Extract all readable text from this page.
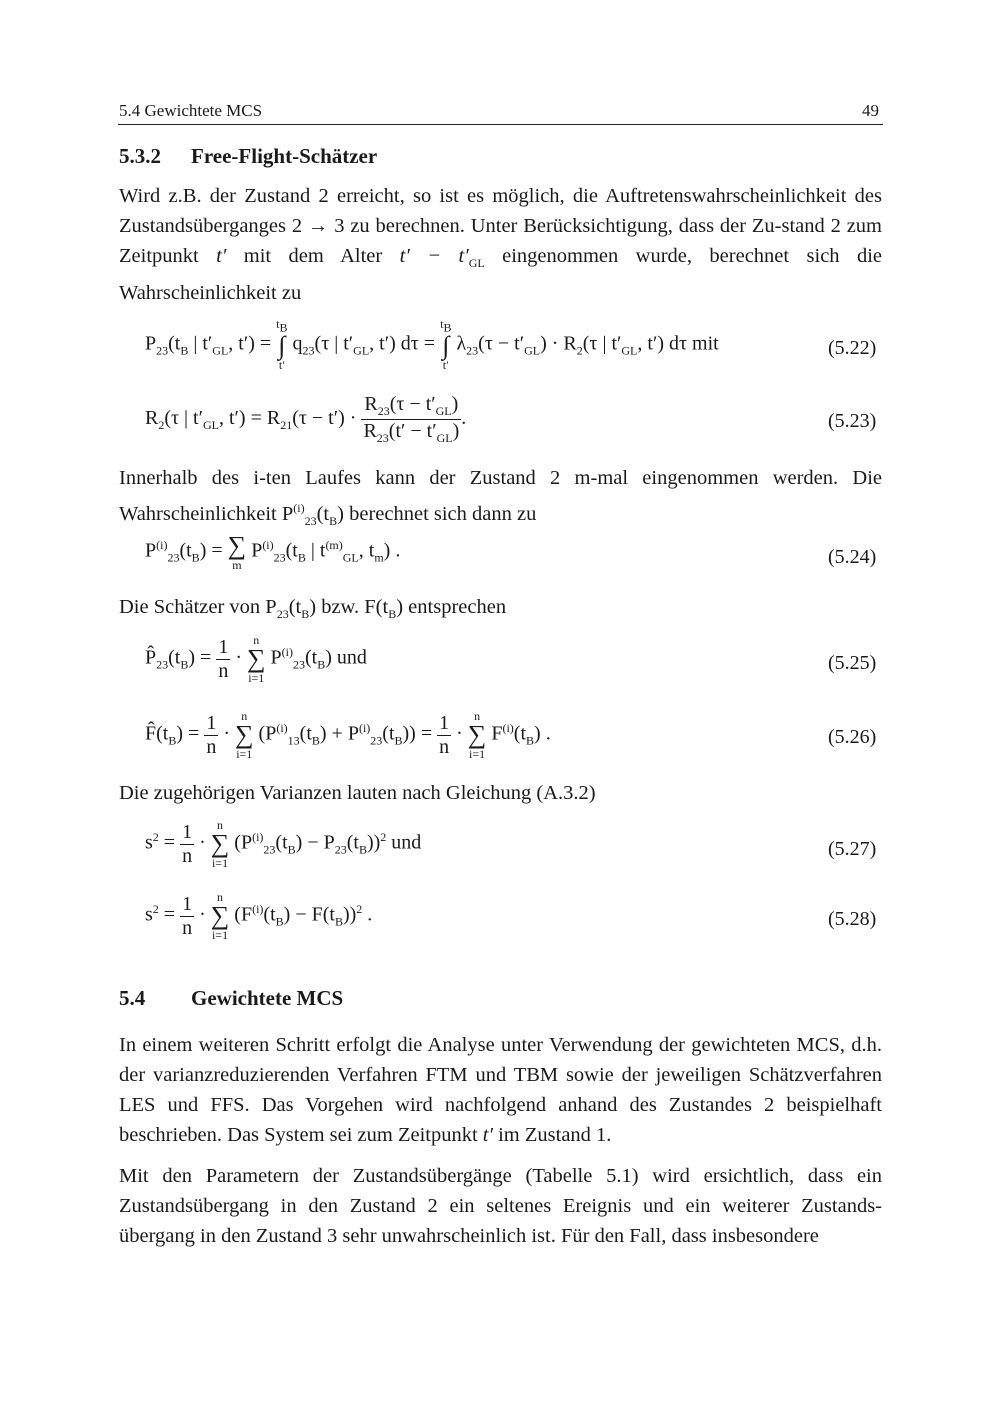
5.4 Gewichtete MCS	49
5.3.2 Free-Flight-Schätzer
Wird z.B. der Zustand 2 erreicht, so ist es möglich, die Auftretenswahrscheinlichkeit des Zustandsüberganges 2 → 3 zu berechnen. Unter Berücksichtigung, dass der Zu-stand 2 zum Zeitpunkt t′ mit dem Alter $t' - t'_{GL}$ eingenommen wurde, berechnet sich die Wahrscheinlichkeit zu
$P_{23}(t_B$ | $t'_{GL}$, t′) =
$t_B$
∫
t′
$q_{23}(\tau$ | $t'_{GL}$, t′) dτ =
$t_B$
∫
t′
$\lambda_{23}(\tau - t'_{GL}) \cdot R_2(\tau$ | $t'_{GL}$, t′) dτ mit	(5.22)
$R_2(\tau$ | $t'_{GL}$, $t') = R_{21}(\tau - t') \cdot \frac{R_{23}(\tau - t'_{GL})}{R_{23}(t' - t'_{GL})}$ .	(5.23)
Innerhalb des i-ten Laufes kann der Zustand 2 m-mal eingenommen werden. Die Wahrscheinlichkeit $P^{(i)}_{23}(t_B)$ berechnet sich dann zu
$P^{(i)}_{23}(t_B)$ = ∑
m
$P^{(i)}_{23}(t_B$ | $t^{(m)}_{GL}$, $t_m$) .	(5.24)
Die Schätzer von $P_{23}(t_B)$ bzw. $F(t_B)$ entsprechen
$P̂_{23}(t_B) = \frac{1}{n}$ ·
n
∑
i=1
$P^{(i)}_{23}(t_B)$ und	(5.25)
$F̂(t_B) = \frac{1}{n}$ ·
n
∑
i=1
$(P^{(i)}_{13}(t_B) + P^{(i)}_{23}(t_B)) = \frac{1}{n}$ ·
n
∑
i=1
$F^{(i)}(t_B)$ .	(5.26)
Die zugehörigen Varianzen lauten nach Gleichung (A.3.2)
$s^2 = \frac{1}{n}$ ·
n
∑
i=1
$(P^{(i)}_{23}(t_B) - P_{23}(t_B))^2$ und	(5.27)
$s^2 = \frac{1}{n}$ ·
n
∑
i=1
$(F^{(i)}(t_B) - F(t_B))^2$ .	(5.28)
5.4 Gewichtete MCS
In einem weiteren Schritt erfolgt die Analyse unter Verwendung der gewichteten MCS, d.h. der varianzreduzierenden Verfahren FTM und TBM sowie der jeweiligen Schätzverfahren LES und FFS. Das Vorgehen wird nachfolgend anhand des Zustandes 2 beispielhaft beschrieben. Das System sei zum Zeitpunkt t′ im Zustand 1.
Mit den Parametern der Zustandsübergänge (Tabelle 5.1) wird ersichtlich, dass ein Zustandsübergang in den Zustand 2 ein seltenes Ereignis und ein weiterer Zustands-übergang in den Zustand 3 sehr unwahrscheinlich ist. Für den Fall, dass insbesondere
